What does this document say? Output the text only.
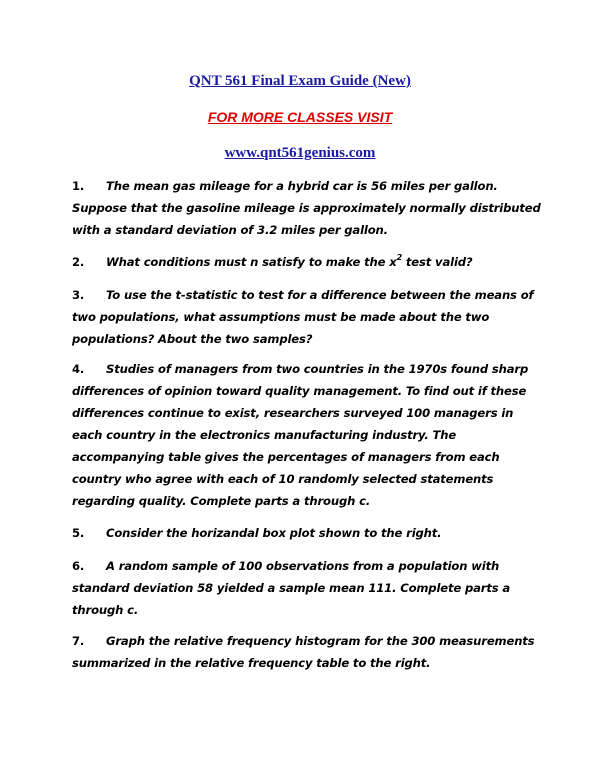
QNT 561 Final Exam Guide (New)
FOR MORE CLASSES VISIT
www.qnt561genius.com
1. The mean gas mileage for a hybrid car is 56 miles per gallon. Suppose that the gasoline mileage is approximately normally distributed with a standard deviation of 3.2 miles per gallon.
2. What conditions must n satisfy to make the $x^2$ test valid?
3. To use the t-statistic to test for a difference between the means of two populations, what assumptions must be made about the two populations? About the two samples?
4. Studies of managers from two countries in the 1970s found sharp differences of opinion toward quality management. To find out if these differences continue to exist, researchers surveyed 100 managers in each country in the electronics manufacturing industry. The accompanying table gives the percentages of managers from each country who agree with each of 10 randomly selected statements regarding quality. Complete parts a through c.
5. Consider the horizandal box plot shown to the right.
6. A random sample of 100 observations from a population with standard deviation 58 yielded a sample mean 111. Complete parts a through c.
7. Graph the relative frequency histogram for the 300 measurements summarized in the relative frequency table to the right.
